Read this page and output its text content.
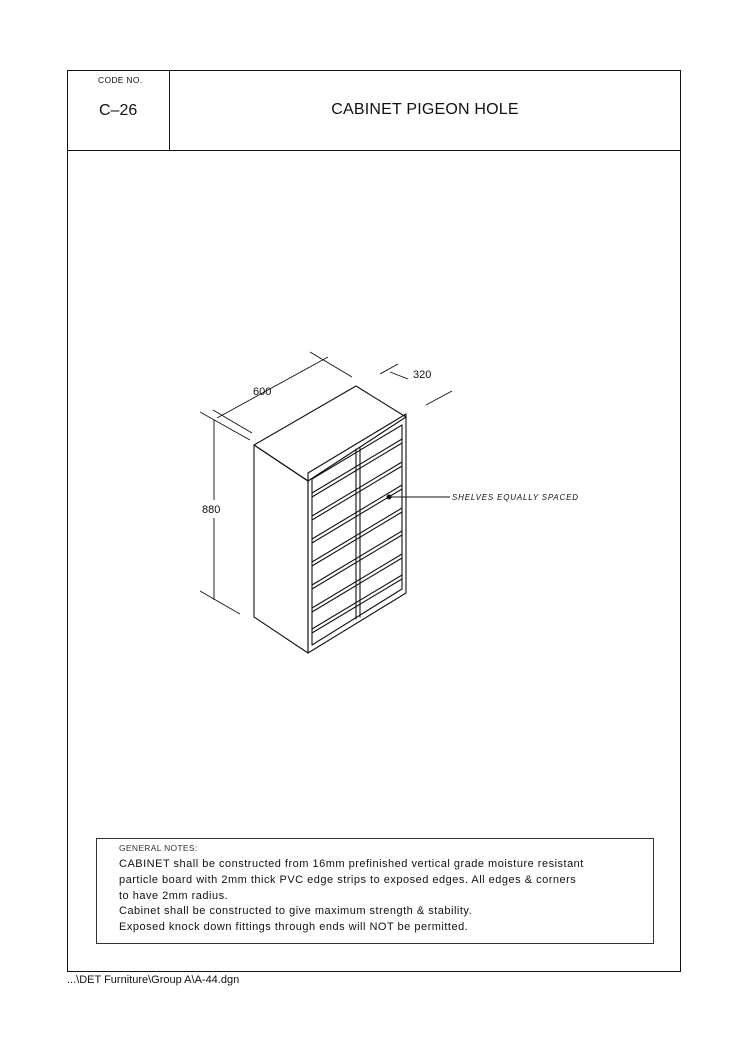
CODE NO.
C–26	CABINET PIGEON HOLE
GENERAL NOTES:
CABINET shall be constructed from 16mm prefinished vertical grade moisture resistant
particle board with 2mm thick PVC edge strips to exposed edges. All edges & corners
to have 2mm radius.
Cabinet shall be constructed to give maximum strength & stability.
Exposed knock down fittings through ends will NOT be permitted.
600
320
880
SHELVES EQUALLY SPACED
...\DET Furniture\Group A\A-44.dgn
